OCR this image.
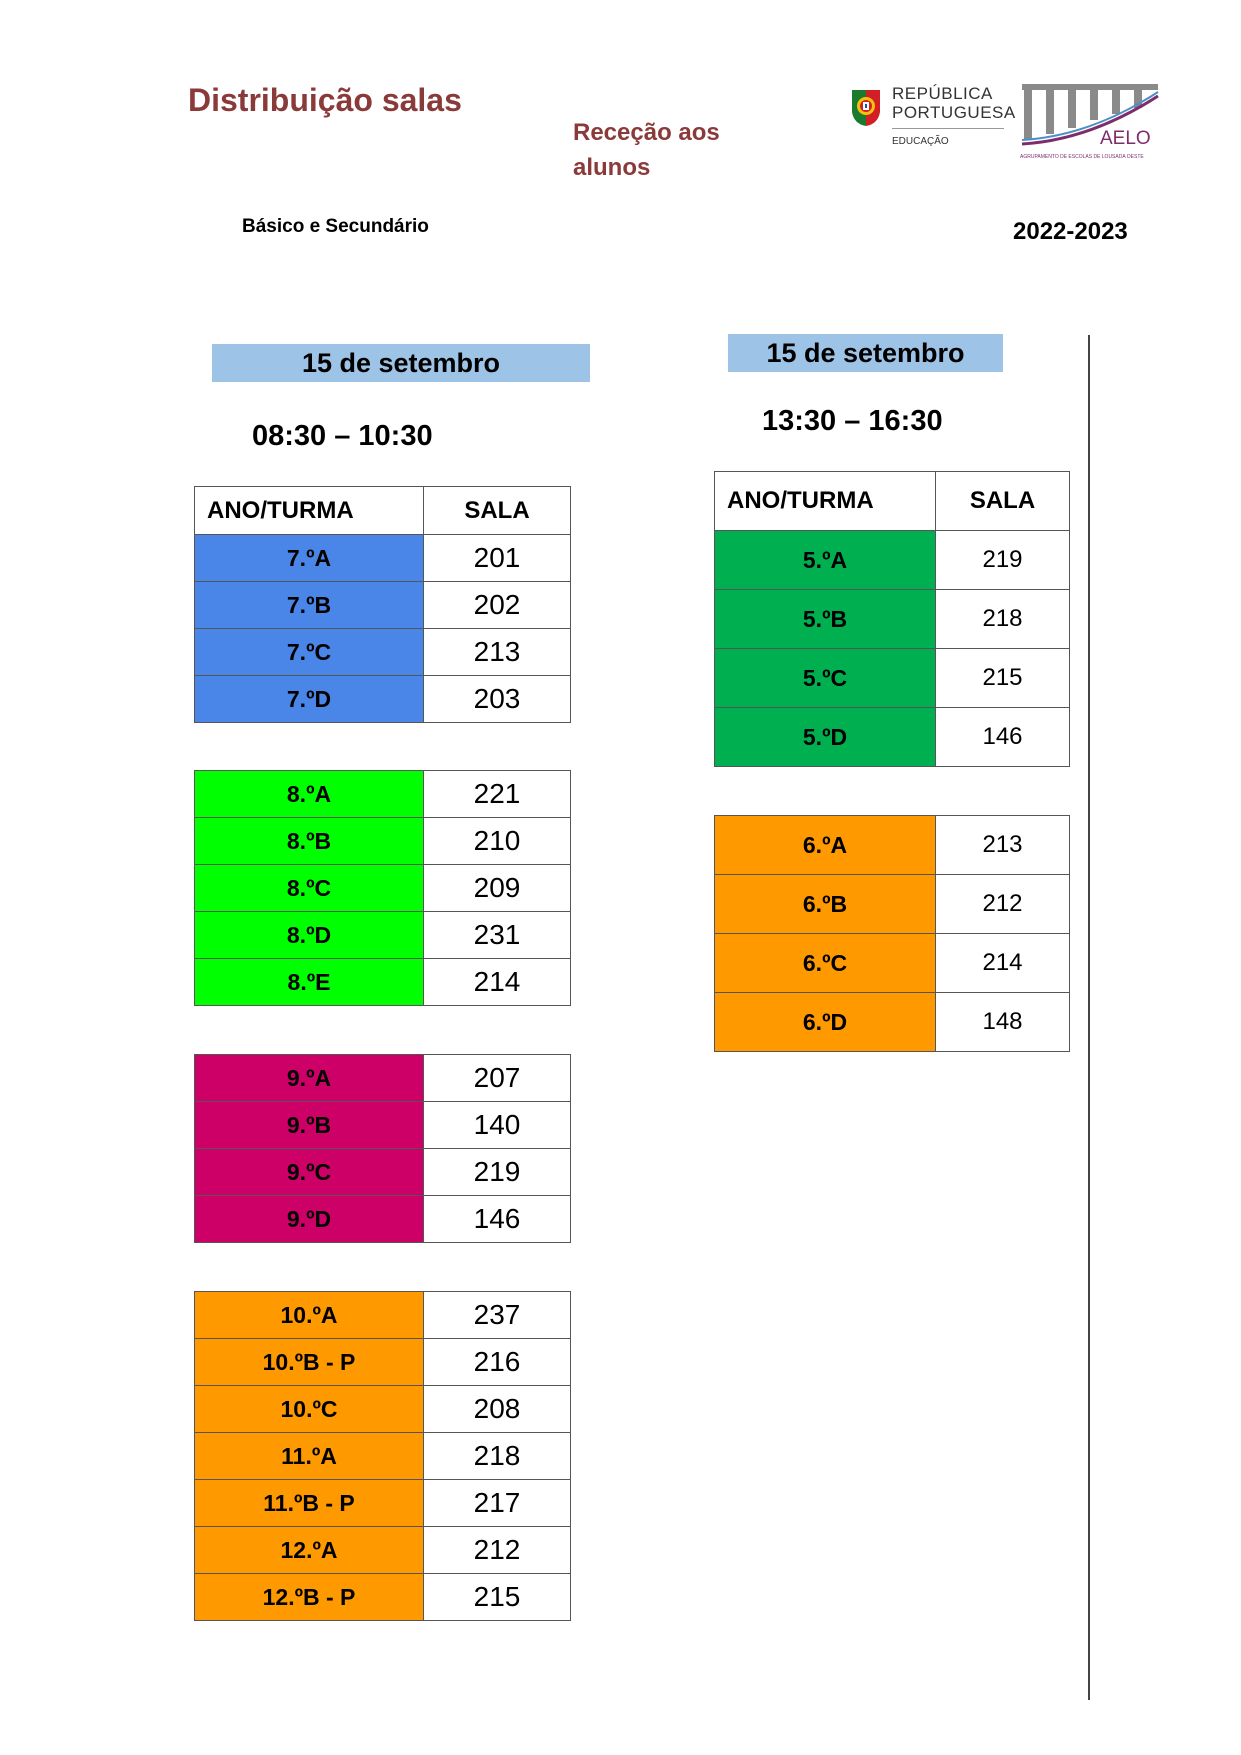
Distribuição salas
Receção aos alunos
Básico e Secundário	2022-2023
REPÚBLICA
PORTUGUESA
EDUCAÇÃO	AELO
AGRUPAMENTO DE ESCOLAS DE LOUSADA OESTE
15 de setembro
08:30 – 10:30
ANO/TURMA	SALA
7.ºA	201
7.ºB	202
7.ºC	213
7.ºD	203
8.ºA	221
8.ºB	210
8.ºC	209
8.ºD	231
8.ºE	214
9.ºA	207
9.ºB	140
9.ºC	219
9.ºD	146
10.ºA	237
10.ºB - P	216
10.ºC	208
11.ºA	218
11.ºB - P	217
12.ºA	212
12.ºB - P	215
15 de setembro
13:30 – 16:30
ANO/TURMA	SALA
5.ºA	219
5.ºB	218
5.ºC	215
5.ºD	146
6.ºA	213
6.ºB	212
6.ºC	214
6.ºD	148
